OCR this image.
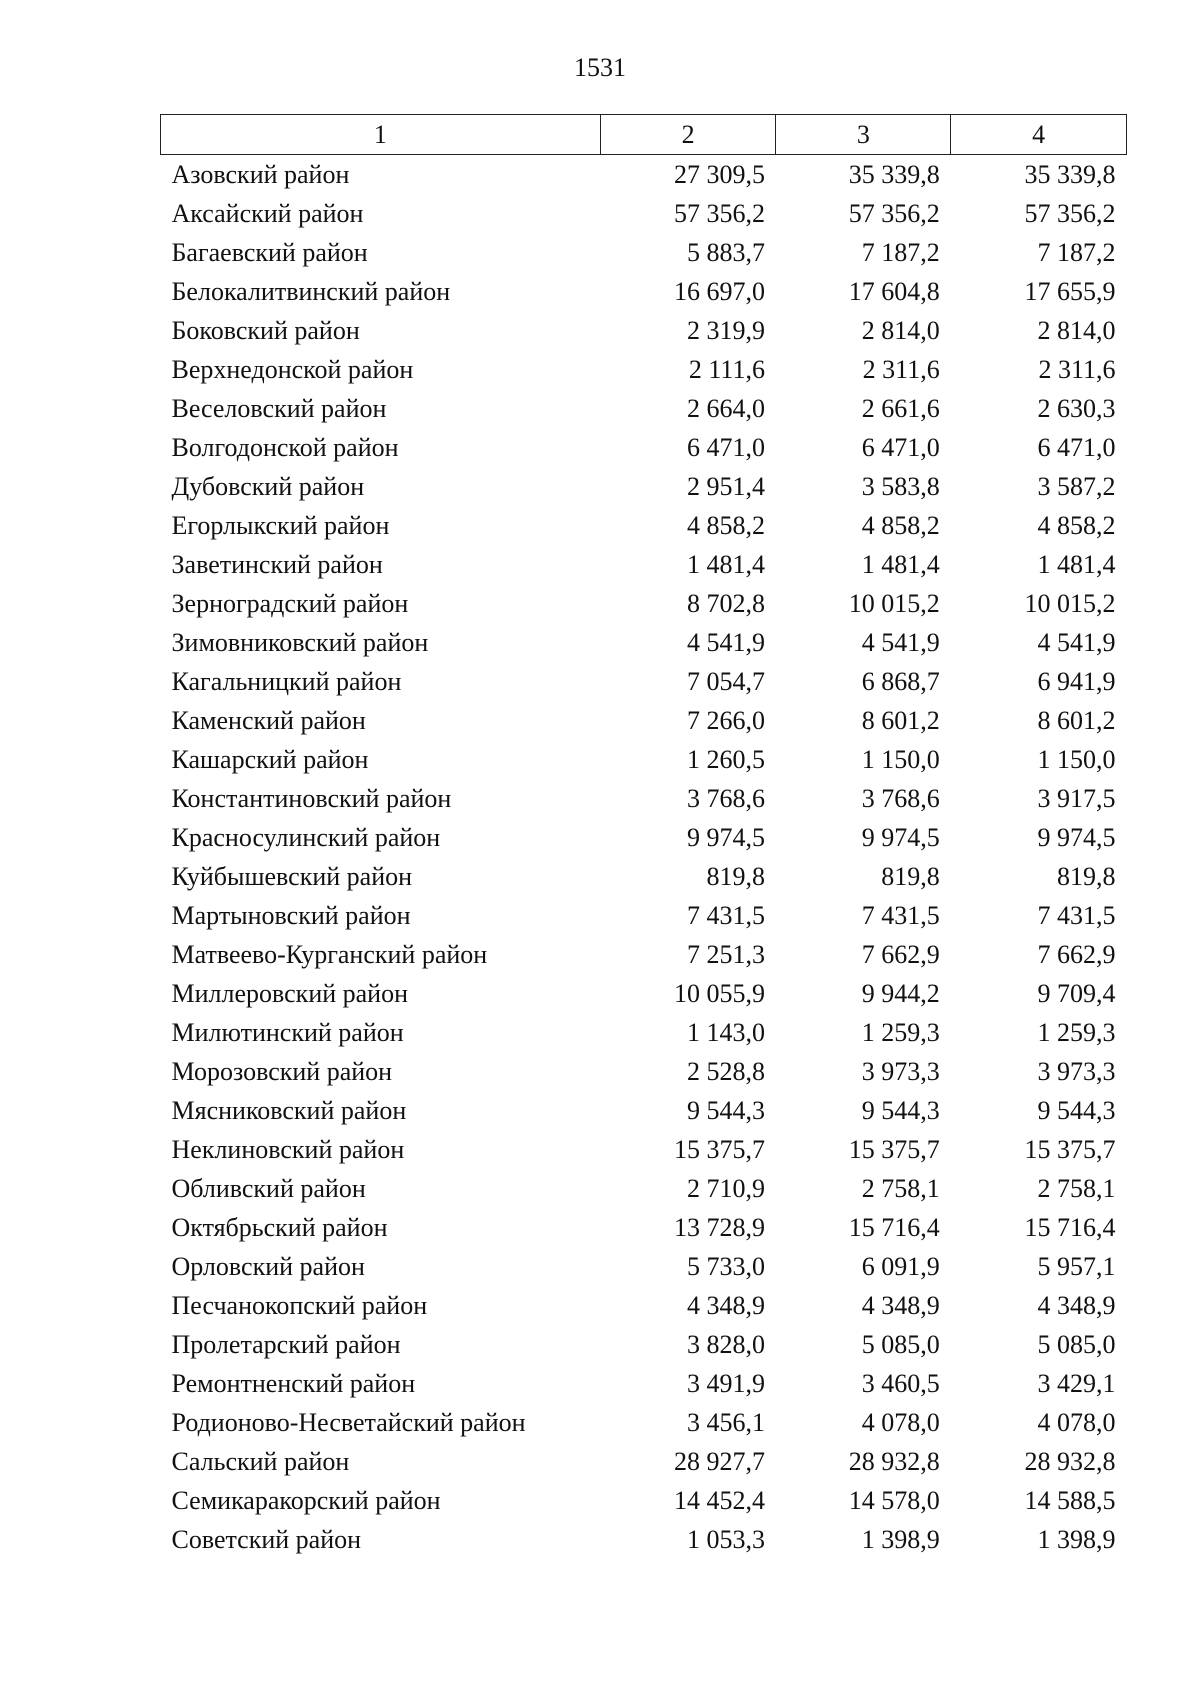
1531
1	2	3	4
Азовский район	27 309,5	35 339,8	35 339,8
Аксайский район	57 356,2	57 356,2	57 356,2
Багаевский район	5 883,7	7 187,2	7 187,2
Белокалитвинский район	16 697,0	17 604,8	17 655,9
Боковский район	2 319,9	2 814,0	2 814,0
Верхнедонской район	2 111,6	2 311,6	2 311,6
Веселовский район	2 664,0	2 661,6	2 630,3
Волгодонской район	6 471,0	6 471,0	6 471,0
Дубовский район	2 951,4	3 583,8	3 587,2
Егорлыкский район	4 858,2	4 858,2	4 858,2
Заветинский район	1 481,4	1 481,4	1 481,4
Зерноградский район	8 702,8	10 015,2	10 015,2
Зимовниковский район	4 541,9	4 541,9	4 541,9
Кагальницкий район	7 054,7	6 868,7	6 941,9
Каменский район	7 266,0	8 601,2	8 601,2
Кашарский район	1 260,5	1 150,0	1 150,0
Константиновский район	3 768,6	3 768,6	3 917,5
Красносулинский район	9 974,5	9 974,5	9 974,5
Куйбышевский район	819,8	819,8	819,8
Мартыновский район	7 431,5	7 431,5	7 431,5
Матвеево-Курганский район	7 251,3	7 662,9	7 662,9
Миллеровский район	10 055,9	9 944,2	9 709,4
Милютинский район	1 143,0	1 259,3	1 259,3
Морозовский район	2 528,8	3 973,3	3 973,3
Мясниковский район	9 544,3	9 544,3	9 544,3
Неклиновский район	15 375,7	15 375,7	15 375,7
Обливский район	2 710,9	2 758,1	2 758,1
Октябрьский район	13 728,9	15 716,4	15 716,4
Орловский район	5 733,0	6 091,9	5 957,1
Песчанокопский район	4 348,9	4 348,9	4 348,9
Пролетарский район	3 828,0	5 085,0	5 085,0
Ремонтненский район	3 491,9	3 460,5	3 429,1
Родионово-Несветайский район	3 456,1	4 078,0	4 078,0
Сальский район	28 927,7	28 932,8	28 932,8
Семикаракорский район	14 452,4	14 578,0	14 588,5
Советский район	1 053,3	1 398,9	1 398,9
